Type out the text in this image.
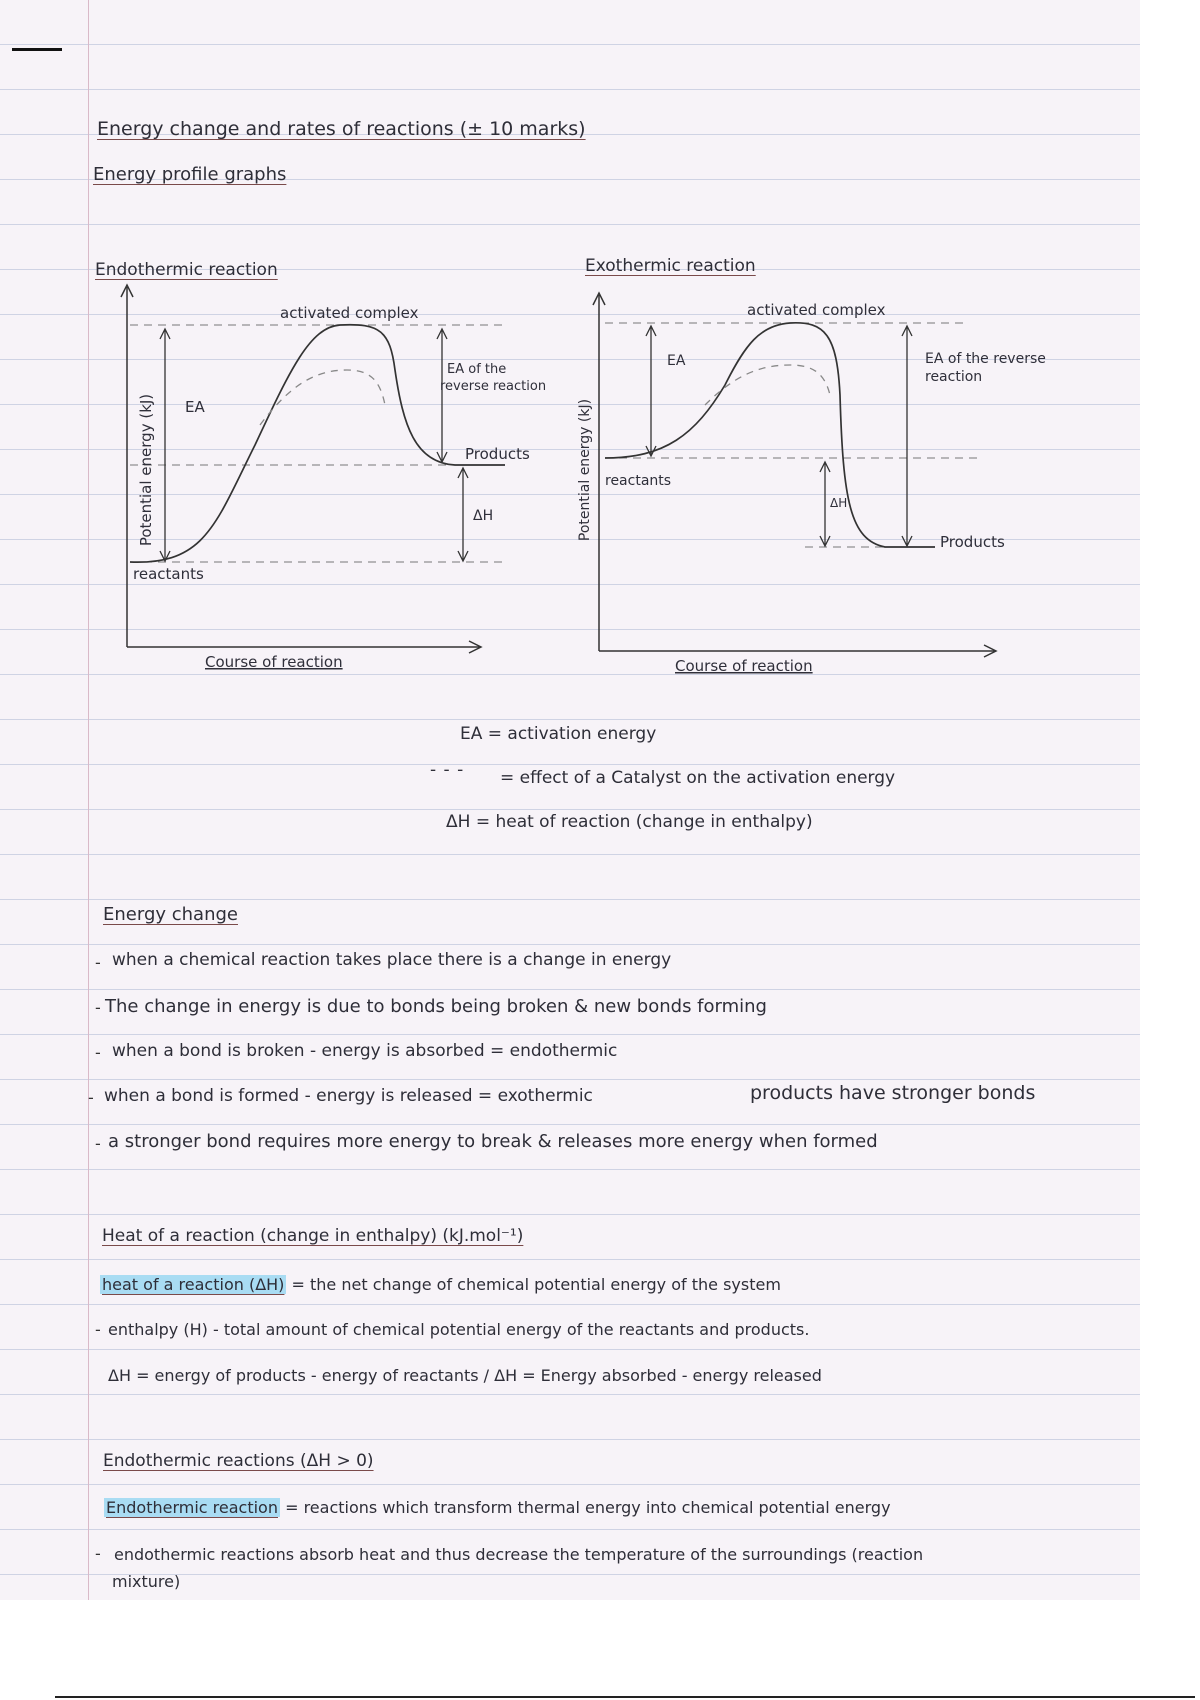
Energy change and rates of reactions (± 10 marks)
Energy profile graphs
Endothermic reaction	Exothermic reaction
Potential energy (kJ) EA
activated complex
EA of the
reverse reaction
Products
ΔH
reactants
Course of reaction
Potential energy (kJ)
EA
activated complex
EA of the reverse
reaction
reactants
ΔH
Products
Course of reaction
EA = activation energy
- - - = effect of a Catalyst on the activation energy
ΔH = heat of reaction (change in enthalpy)
Energy change
- when a chemical reaction takes place there is a change in energy
- The change in energy is due to bonds being broken & new bonds forming
- when a bond is broken - energy is absorbed = endothermic
- when a bond is formed - energy is released = exothermic	products have stronger bonds
- a stronger bond requires more energy to break & releases more energy when formed
Heat of a reaction (change in enthalpy) (kJ.mol⁻¹)
heat of a reaction (ΔH) = the net change of chemical potential energy of the system
- enthalpy (H) - total amount of chemical potential energy of the reactants and products.
ΔH = energy of products - energy of reactants / ΔH = Energy absorbed - energy released
Endothermic reactions (ΔH > 0)
Endothermic reaction = reactions which transform thermal energy into chemical potential energy
- endothermic reactions absorb heat and thus decrease the temperature of the surroundings (reaction
mixture)
